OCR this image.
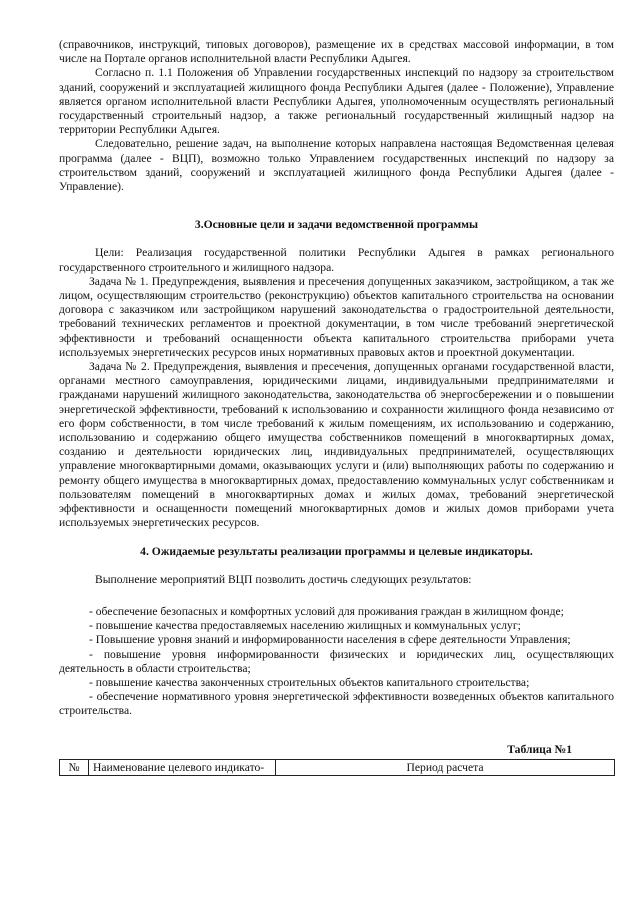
(справочников, инструкций, типовых договоров), размещение их в средствах массовой информации, в том числе на Портале органов исполнительной власти Республики Адыгея.

Согласно п. 1.1 Положения об Управлении государственных инспекций по надзору за строительством зданий, сооружений и эксплуатацией жилищного фонда Республики Адыгея (далее - Положение), Управление является органом исполнительной власти Республики Адыгея, уполномоченным осуществлять региональный государственный строительный надзор, а также региональный государственный жилищный надзор на территории Республики Адыгея.

Следовательно, решение задач, на выполнение которых направлена настоящая Ведомственная целевая программа (далее - ВЦП), возможно только Управлением государственных инспекций по надзору за строительством зданий, сооружений и эксплуатацией жилищного фонда Республики Адыгея (далее - Управление).

3.Основные цели и задачи ведомственной программы

Цели: Реализация государственной политики Республики Адыгея в рамках регионального государственного строительного и жилищного надзора.

Задача № 1. Предупреждения, выявления и пресечения допущенных заказчиком, застройщиком, а так же лицом, осуществляющим строительство (реконструкцию) объектов капитального строительства на основании договора с заказчиком или застройщиком нарушений законодательства о градостроительной деятельности, требований технических регламентов и проектной документации, в том числе требований энергетической эффективности и требований оснащенности объекта капитального строительства приборами учета используемых энергетических ресурсов иных нормативных правовых актов и проектной документации.

Задача № 2. Предупреждения, выявления и пресечения, допущенных органами государственной власти, органами местного самоуправления, юридическими лицами, индивидуальными предпринимателями и гражданами нарушений жилищного законодательства, законодательства об энергосбережении и о повышении энергетической эффективности, требований к использованию и сохранности жилищного фонда независимо от его форм собственности, в том числе требований к жилым помещениям, их использованию и содержанию, использованию и содержанию общего имущества собственников помещений в многоквартирных домах, созданию и деятельности юридических лиц, индивидуальных предпринимателей, осуществляющих управление многоквартирными домами, оказывающих услуги и (или) выполняющих работы по содержанию и ремонту общего имущества в многоквартирных домах, предоставлению коммунальных услуг собственникам и пользователям помещений в многоквартирных домах и жилых домах, требований энергетической эффективности и оснащенности помещений многоквартирных домов и жилых домов приборами учета используемых энергетических ресурсов.

4. Ожидаемые результаты реализации программы и целевые индикаторы.

Выполнение мероприятий ВЦП позволить достичь следующих результатов:

- обеспечение безопасных и комфортных условий для проживания граждан в жилищном фонде;

- повышение качества предоставляемых населению жилищных и коммунальных услуг;

- Повышение уровня знаний и информированности населения в сфере деятельности Управления;

- повышение уровня информированности физических и юридических лиц, осуществляющих деятельность в области строительства;

- повышение качества законченных строительных объектов капитального строительства;

- обеспечение нормативного уровня энергетической эффективности возведенных объектов капитального строительства.

Таблица №1
№	Наименование целевого индикато-	Период расчета
